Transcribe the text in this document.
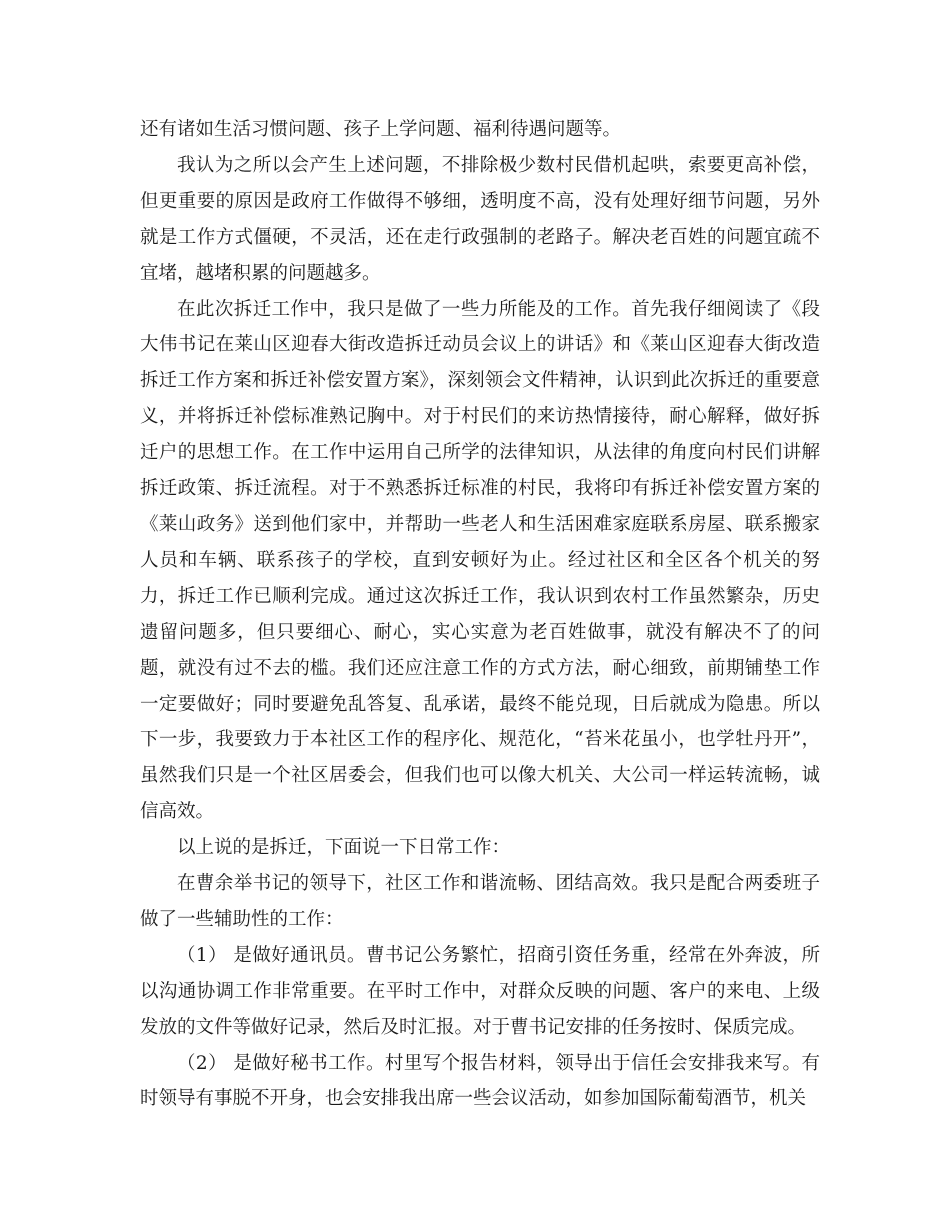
还有诸如生活习惯问题、孩子上学问题、福利待遇问题等。

我认为之所以会产生上述问题，不排除极少数村民借机起哄，索要更高补偿，但更重要的原因是政府工作做得不够细，透明度不高，没有处理好细节问题，另外就是工作方式僵硬，不灵活，还在走行政强制的老路子。解决老百姓的问题宜疏不宜堵，越堵积累的问题越多。

在此次拆迁工作中，我只是做了一些力所能及的工作。首先我仔细阅读了《段大伟书记在莱山区迎春大街改造拆迁动员会议上的讲话》和《莱山区迎春大街改造拆迁工作方案和拆迁补偿安置方案》，深刻领会文件精神，认识到此次拆迁的重要意义，并将拆迁补偿标准熟记胸中。对于村民们的来访热情接待，耐心解释，做好拆迁户的思想工作。在工作中运用自己所学的法律知识，从法律的角度向村民们讲解拆迁政策、拆迁流程。对于不熟悉拆迁标准的村民，我将印有拆迁补偿安置方案的《莱山政务》送到他们家中，并帮助一些老人和生活困难家庭联系房屋、联系搬家人员和车辆、联系孩子的学校，直到安顿好为止。经过社区和全区各个机关的努力，拆迁工作已顺利完成。通过这次拆迁工作，我认识到农村工作虽然繁杂，历史遗留问题多，但只要细心、耐心，实心实意为老百姓做事，就没有解决不了的问题，就没有过不去的槛。我们还应注意工作的方式方法，耐心细致，前期铺垫工作一定要做好；同时要避免乱答复、乱承诺，最终不能兑现，日后就成为隐患。所以下一步，我要致力于本社区工作的程序化、规范化，“苔米花虽小，也学牡丹开”，虽然我们只是一个社区居委会，但我们也可以像大机关、大公司一样运转流畅，诚信高效。

以上说的是拆迁，下面说一下日常工作：

在曹余举书记的领导下，社区工作和谐流畅、团结高效。我只是配合两委班子做了一些辅助性的工作：

（1） 是做好通讯员。曹书记公务繁忙，招商引资任务重，经常在外奔波，所以沟通协调工作非常重要。在平时工作中，对群众反映的问题、客户的来电、上级发放的文件等做好记录，然后及时汇报。对于曹书记安排的任务按时、保质完成。

（2） 是做好秘书工作。村里写个报告材料，领导出于信任会安排我来写。有时领导有事脱不开身，也会安排我出席一些会议活动，如参加国际葡萄酒节，机关
